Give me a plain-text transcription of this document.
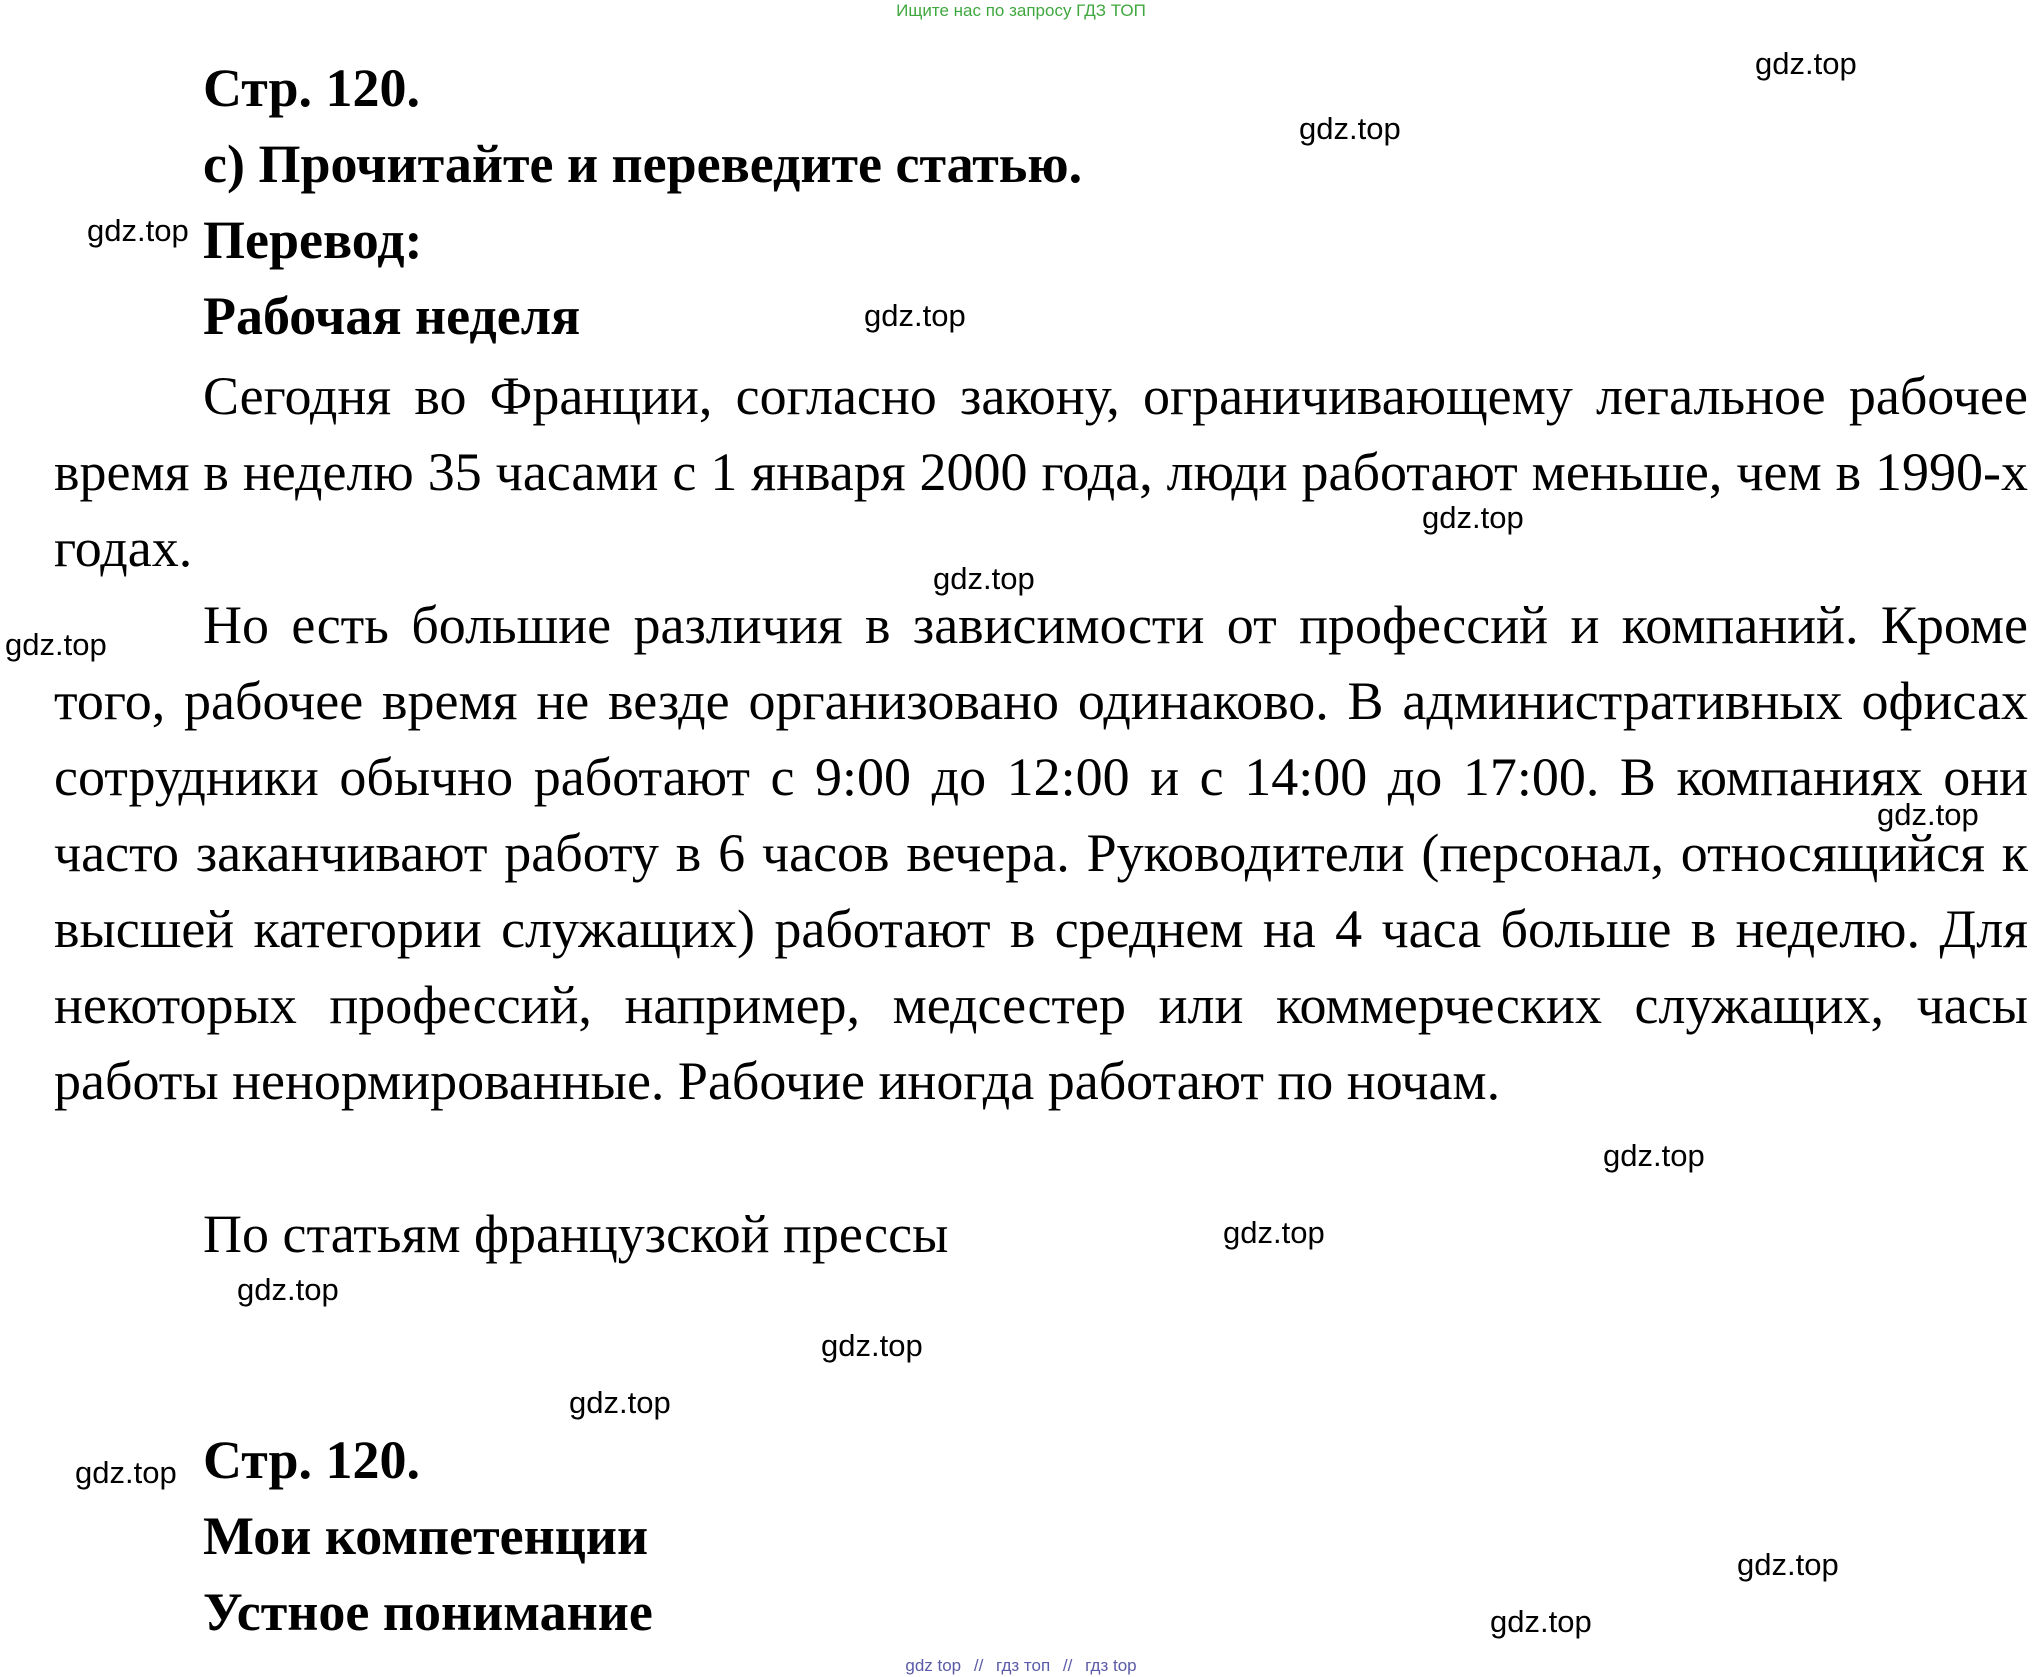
Ищите нас по запросу ГДЗ ТОП
Стр. 120.
c) Прочитайте и переведите статью.
Перевод:
Рабочая неделя

Сегодня во Франции, согласно закону, ограничивающему легальное рабочее время в неделю 35 часами с 1 января 2000 года, люди работают меньше, чем в 1990-х годах.

Но есть большие различия в зависимости от профессий и компаний. Кроме того, рабочее время не везде организовано одинаково. В административных офисах сотрудники обычно работают с 9:00 до 12:00 и с 14:00 до 17:00. В компаниях они часто заканчивают работу в 6 часов вечера. Руководители (персонал, относящийся к высшей категории служащих) работают в среднем на 4 часа больше в неделю. Для некоторых профессий, например, медсестер или коммерческих служащих, часы работы ненормированные. Рабочие иногда работают по ночам.

По статьям французской прессы
Стр. 120.
Мои компетенции
Устное понимание
gdz.top
gdz.top
gdz.top
gdz.top
gdz.top
gdz.top
gdz.top
gdz.top
gdz.top
gdz.top
gdz.top
gdz.top
gdz.top
gdz.top
gdz.top
gdz.top
gdz top // гдз топ // гдз top
